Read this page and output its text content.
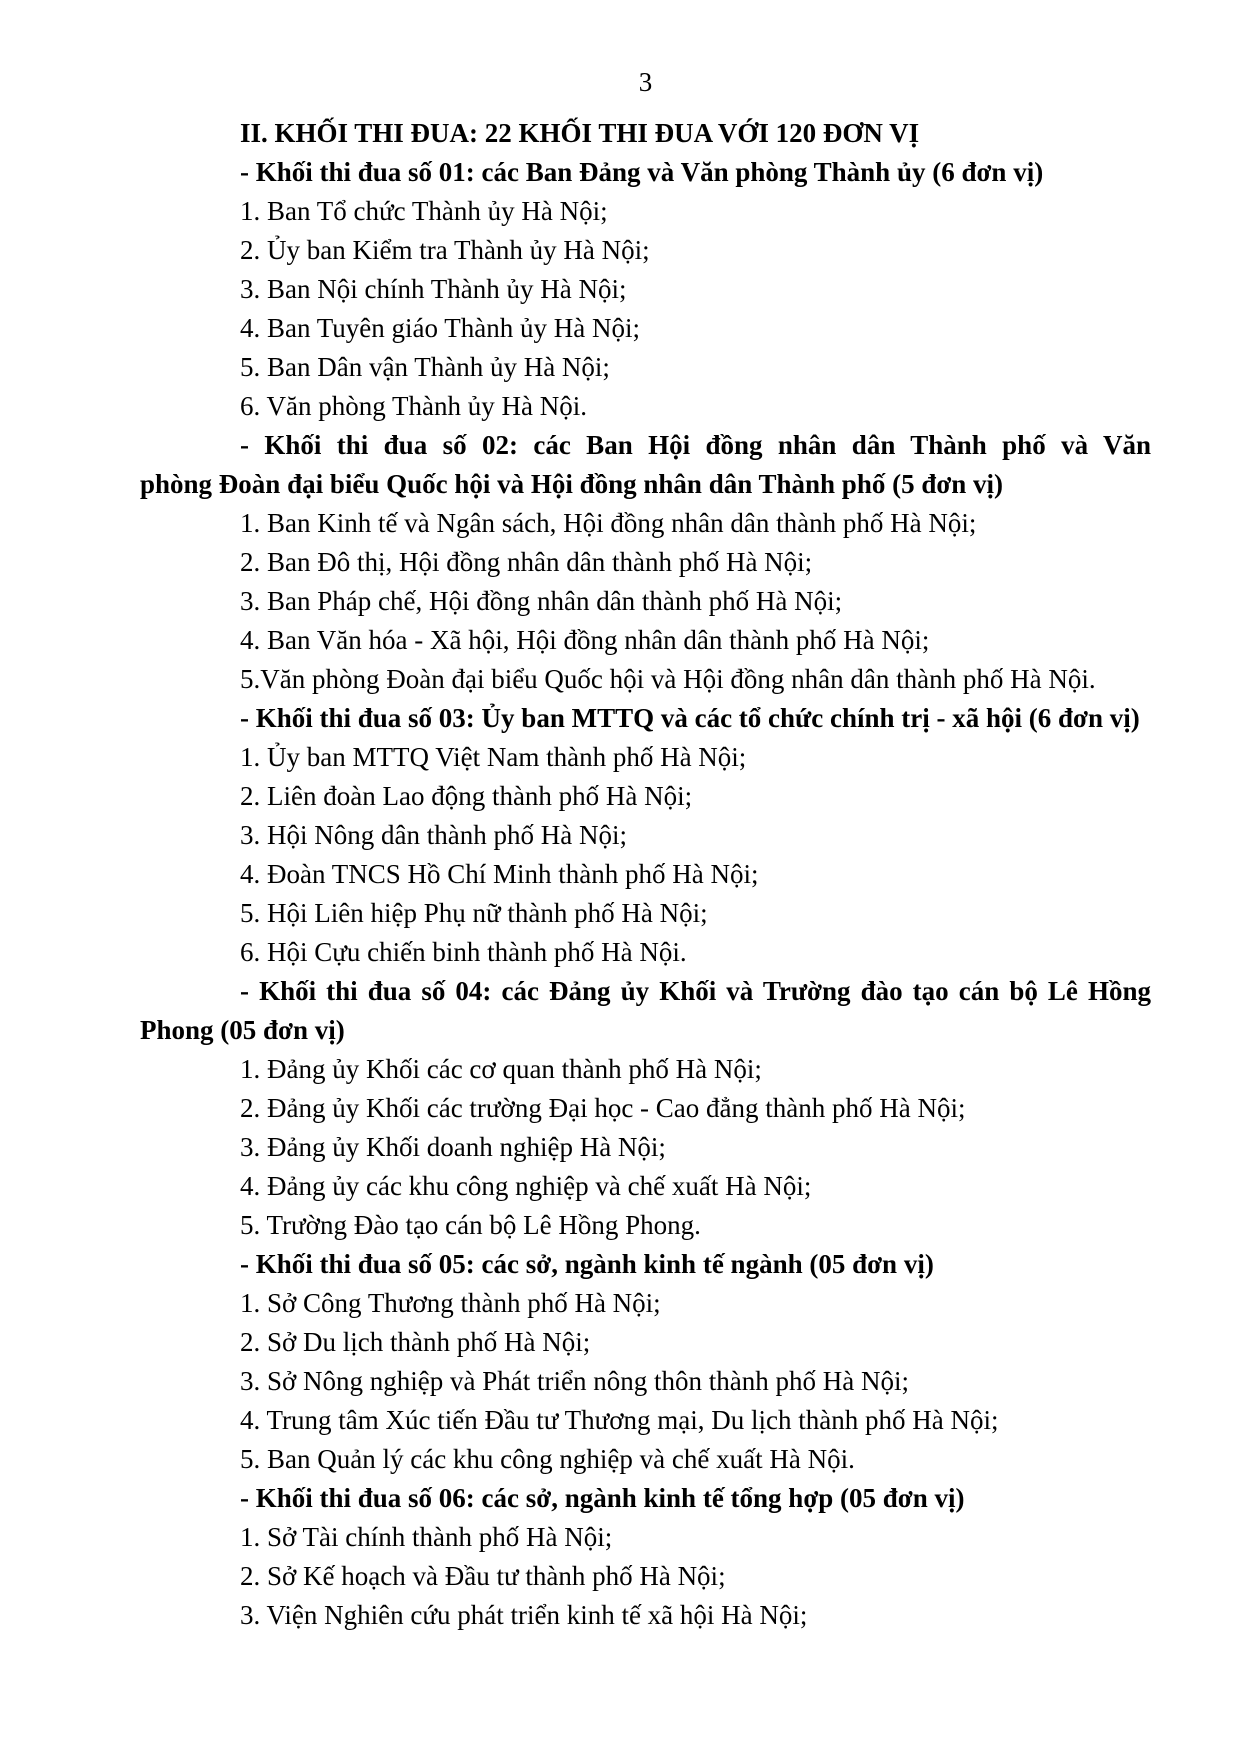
3

II. KHỐI THI ĐUA: 22 KHỐI THI ĐUA VỚI 120 ĐƠN VỊ

- Khối thi đua số 01: các Ban Đảng và Văn phòng Thành ủy (6 đơn vị)

1. Ban Tổ chức Thành ủy Hà Nội;

2. Ủy ban Kiểm tra Thành ủy Hà Nội;

3. Ban Nội chính Thành ủy Hà Nội;

4. Ban Tuyên giáo Thành ủy Hà Nội;

5. Ban Dân vận Thành ủy Hà Nội;

6. Văn phòng Thành ủy Hà Nội.

- Khối thi đua số 02: các Ban Hội đồng nhân dân Thành phố và Văn
phòng Đoàn đại biểu Quốc hội và Hội đồng nhân dân Thành phố (5 đơn vị)

1. Ban Kinh tế và Ngân sách, Hội đồng nhân dân thành phố Hà Nội;

2. Ban Đô thị, Hội đồng nhân dân thành phố Hà Nội;

3. Ban Pháp chế, Hội đồng nhân dân thành phố Hà Nội;

4. Ban Văn hóa - Xã hội, Hội đồng nhân dân thành phố Hà Nội;

5.Văn phòng Đoàn đại biểu Quốc hội và Hội đồng nhân dân thành phố Hà Nội.

- Khối thi đua số 03: Ủy ban MTTQ và các tổ chức chính trị - xã hội (6 đơn vị)

1. Ủy ban MTTQ Việt Nam thành phố Hà Nội;

2. Liên đoàn Lao động thành phố Hà Nội;

3. Hội Nông dân thành phố Hà Nội;

4. Đoàn TNCS Hồ Chí Minh thành phố Hà Nội;

5. Hội Liên hiệp Phụ nữ thành phố Hà Nội;

6. Hội Cựu chiến binh thành phố Hà Nội.

- Khối thi đua số 04: các Đảng ủy Khối và Trường đào tạo cán bộ Lê Hồng
Phong (05 đơn vị)

1. Đảng ủy Khối các cơ quan thành phố Hà Nội;

2. Đảng ủy Khối các trường Đại học - Cao đẳng thành phố Hà Nội;

3. Đảng ủy Khối doanh nghiệp Hà Nội;

4. Đảng ủy các khu công nghiệp và chế xuất Hà Nội;

5. Trường Đào tạo cán bộ Lê Hồng Phong.

- Khối thi đua số 05: các sở, ngành kinh tế ngành (05 đơn vị)

1. Sở Công Thương thành phố Hà Nội;

2. Sở Du lịch thành phố Hà Nội;

3. Sở Nông nghiệp và Phát triển nông thôn thành phố Hà Nội;

4. Trung tâm Xúc tiến Đầu tư Thương mại, Du lịch thành phố Hà Nội;

5. Ban Quản lý các khu công nghiệp và chế xuất Hà Nội.

- Khối thi đua số 06: các sở, ngành kinh tế tổng hợp (05 đơn vị)

1. Sở Tài chính thành phố Hà Nội;

2. Sở Kế hoạch và Đầu tư thành phố Hà Nội;

3. Viện Nghiên cứu phát triển kinh tế xã hội Hà Nội;
